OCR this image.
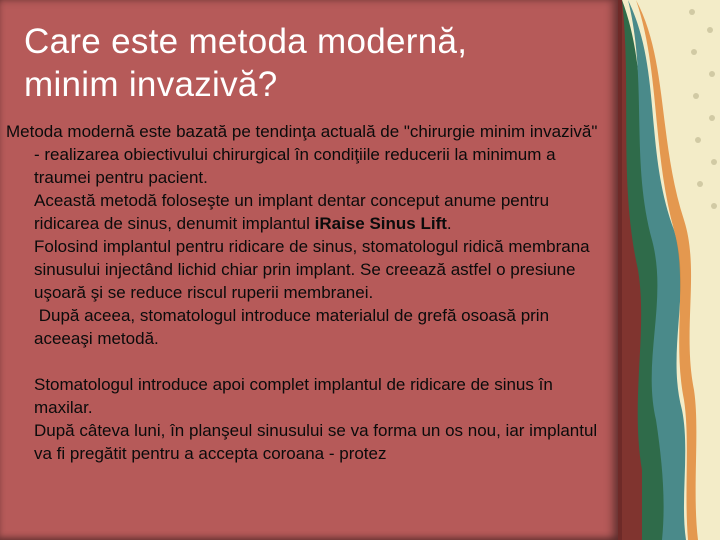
Care este metoda modernă,
minim invazivă?

Metoda modernă este bazată pe tendinţa actuală de "chirurgie minim invazivă" - realizarea obiectivului chirurgical în condiţiile reducerii la minimum a traumei pentru pacient.

Această metodă foloseşte un implant dentar conceput anume pentru ridicarea de sinus, denumit implantul iRaise Sinus Lift.

Folosind implantul pentru ridicare de sinus, stomatologul ridică membrana sinusului injectând lichid chiar prin implant. Se creează astfel o presiune uşoară şi se reduce riscul ruperii membranei.

După aceea, stomatologul introduce materialul de grefă osoasă prin aceeaşi metodă.

Stomatologul introduce apoi complet implantul de ridicare de sinus în maxilar.

După câteva luni, în planşeul sinusului se va forma un os nou, iar implantul va fi pregătit pentru a accepta coroana - protez
